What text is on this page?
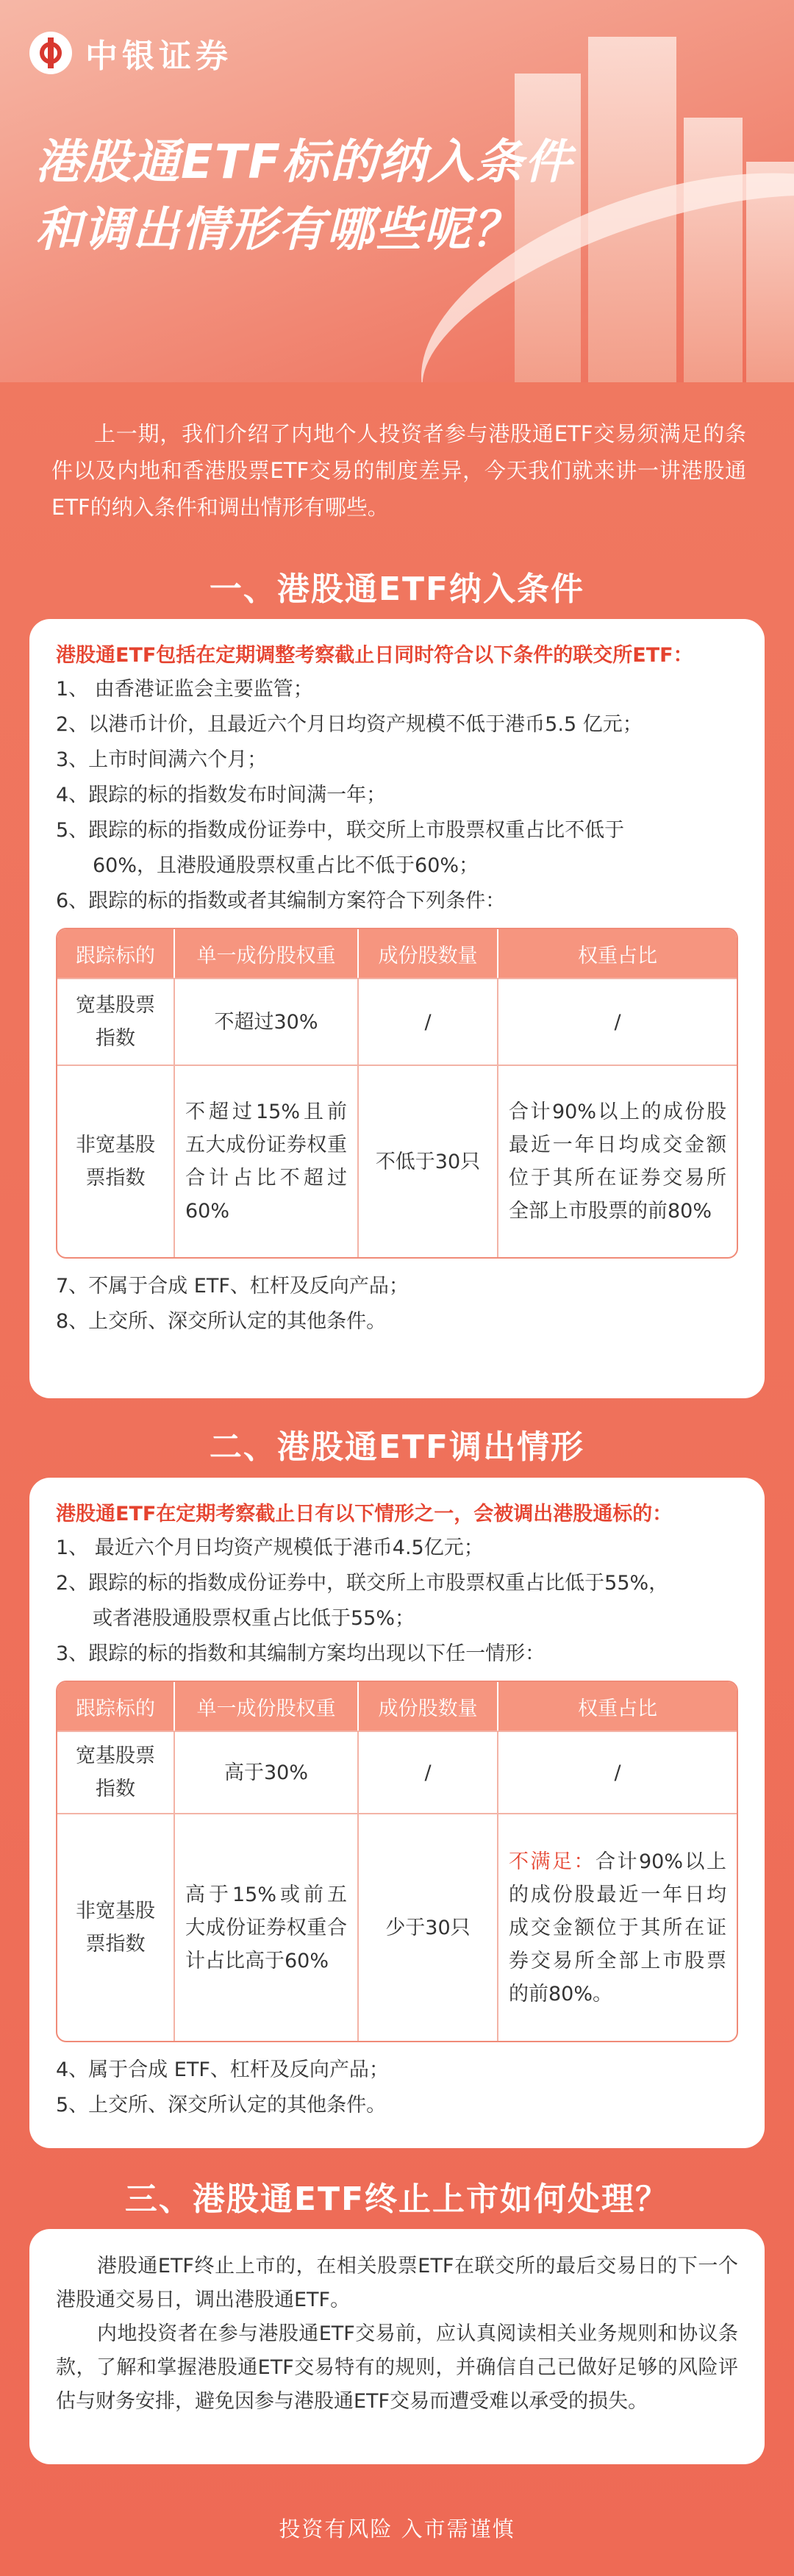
中银证券
港股通ETF标的纳入条件
和调出情形有哪些呢？
上一期，我们介绍了内地个人投资者参与港股通ETF交易须满足的条件以及内地和香港股票ETF交易的制度差异，今天我们就来讲一讲港股通ETF的纳入条件和调出情形有哪些。
一、港股通ETF纳入条件
港股通ETF包括在定期调整考察截止日同时符合以下条件的联交所ETF：
1、 由香港证监会主要监管；
2、以港币计价，且最近六个月日均资产规模不低于港币5.5 亿元；
3、上市时间满六个月；
4、跟踪的标的指数发布时间满一年；
5、跟踪的标的指数成份证券中，联交所上市股票权重占比不低于
60%，且港股通股票权重占比不低于60%；
6、跟踪的标的指数或者其编制方案符合下列条件：
跟踪标的	单一成份股权重	成份股数量	权重占比
宽基股票指数	不超过30%	/	/
非宽基股票指数	不超过15%且前五大成份证券权重合计占比不超过60%	不低于30只	合计90%以上的成份股最近一年日均成交金额位于其所在证券交易所全部上市股票的前80%
7、不属于合成 ETF、杠杆及反向产品；
8、上交所、深交所认定的其他条件。
二、港股通ETF调出情形
港股通ETF在定期考察截止日有以下情形之一，会被调出港股通标的：
1、 最近六个月日均资产规模低于港币4.5亿元；
2、跟踪的标的指数成份证券中，联交所上市股票权重占比低于55%，
或者港股通股票权重占比低于55%；
3、跟踪的标的指数和其编制方案均出现以下任一情形：
跟踪标的	单一成份股权重	成份股数量	权重占比
宽基股票指数	高于30%	/	/
非宽基股票指数	高于15%或前五大成份证券权重合计占比高于60%	少于30只	不满足：合计90%以上的成份股最近一年日均成交金额位于其所在证券交易所全部上市股票的前80%。
4、属于合成 ETF、杠杆及反向产品；
5、上交所、深交所认定的其他条件。
三、港股通ETF终止上市如何处理？

港股通ETF终止上市的，在相关股票ETF在联交所的最后交易日的下一个港股通交易日，调出港股通ETF。

内地投资者在参与港股通ETF交易前，应认真阅读相关业务规则和协议条款，了解和掌握港股通ETF交易特有的规则，并确信自己已做好足够的风险评估与财务安排，避免因参与港股通ETF交易而遭受难以承受的损失。

投资有风险 入市需谨慎
